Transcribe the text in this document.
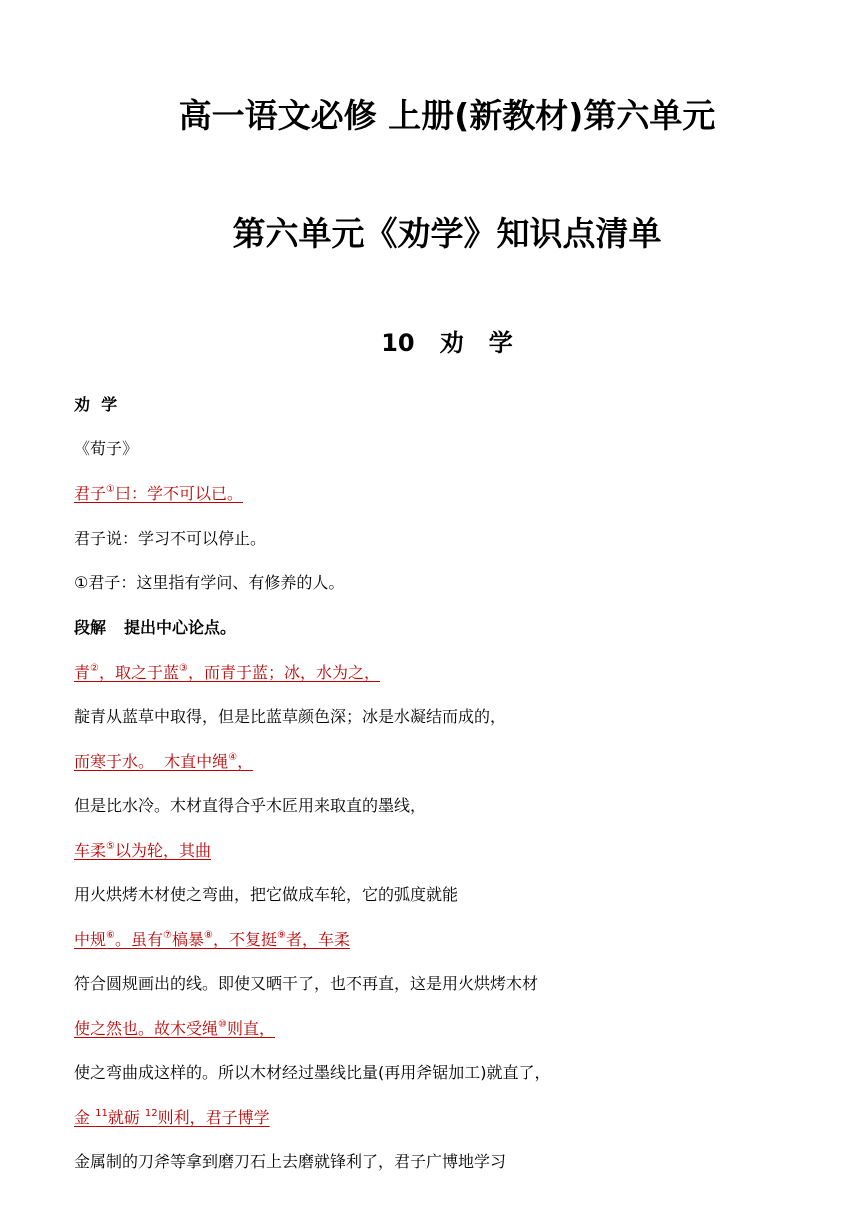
高一语文必修 上册(新教材)第六单元
第六单元《劝学》知识点清单
10   劝   学
劝  学
《荀子》
君子①曰：学不可以已。
君子说：学习不可以停止。
①君子：这里指有学问、有修养的人。
段解 提出中心论点。
青②，取之于蓝③，而青于蓝；冰，水为之，
靛青从蓝草中取得，但是比蓝草颜色深；冰是水凝结而成的，
而寒于水。  木直中绳④，
但是比水冷。木材直得合乎木匠用来取直的墨线，
车柔⑤以为轮，其曲
用火烘烤木材使之弯曲，把它做成车轮，它的弧度就能
中规⑥。虽有⑦槁暴⑧，不复挺⑨者，车柔
符合圆规画出的线。即使又晒干了，也不再直，这是用火烘烤木材
使之然也。故木受绳⑩则直，
使之弯曲成这样的。所以木材经过墨线比量(再用斧锯加工)就直了，
金 $^{11}$就砺 $^{12}$则利，君子博学
金属制的刀斧等拿到磨刀石上去磨就锋利了，君子广博地学习
